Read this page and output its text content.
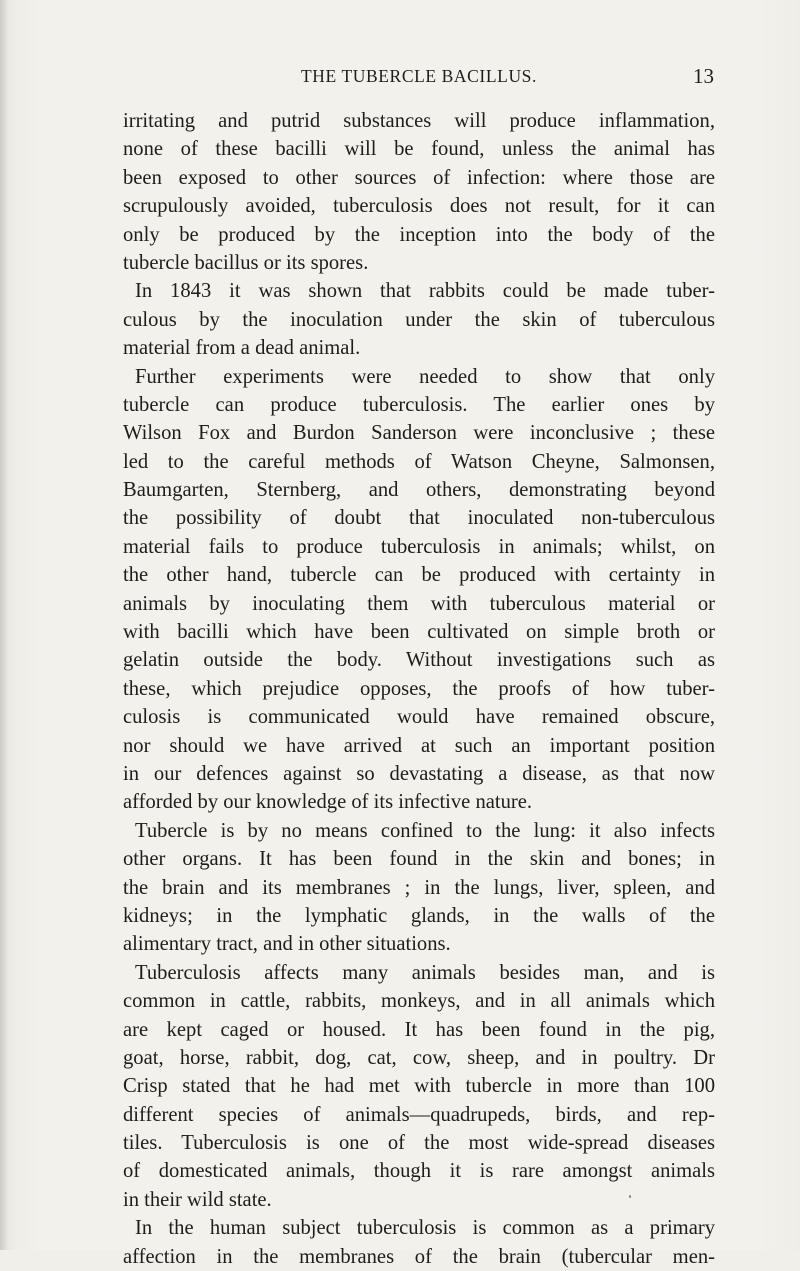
THE TUBERCLE BACILLUS.	13
irritating and putrid substances will produce inflammation,
none of these bacilli will be found, unless the animal has
been exposed to other sources of infection: where those are
scrupulously avoided, tuberculosis does not result, for it can
only be produced by the inception into the body of the
tubercle bacillus or its spores.
In 1843 it was shown that rabbits could be made tuber-
culous by the inoculation under the skin of tuberculous
material from a dead animal.
Further experiments were needed to show that only
tubercle can produce tuberculosis. The earlier ones by
Wilson Fox and Burdon Sanderson were inconclusive ; these
led to the careful methods of Watson Cheyne, Salmonsen,
Baumgarten, Sternberg, and others, demonstrating beyond
the possibility of doubt that inoculated non-tuberculous
material fails to produce tuberculosis in animals; whilst, on
the other hand, tubercle can be produced with certainty in
animals by inoculating them with tuberculous material or
with bacilli which have been cultivated on simple broth or
gelatin outside the body. Without investigations such as
these, which prejudice opposes, the proofs of how tuber-
culosis is communicated would have remained obscure,
nor should we have arrived at such an important position
in our defences against so devastating a disease, as that now
afforded by our knowledge of its infective nature.
Tubercle is by no means confined to the lung: it also infects
other organs. It has been found in the skin and bones; in
the brain and its membranes ; in the lungs, liver, spleen, and
kidneys; in the lymphatic glands, in the walls of the
alimentary tract, and in other situations.
Tuberculosis affects many animals besides man, and is
common in cattle, rabbits, monkeys, and in all animals which
are kept caged or housed. It has been found in the pig,
goat, horse, rabbit, dog, cat, cow, sheep, and in poultry. Dr
Crisp stated that he had met with tubercle in more than 100
different species of animals—quadrupeds, birds, and rep-
tiles. Tuberculosis is one of the most wide-spread diseases
of domesticated animals, though it is rare amongst animals
in their wild state.
In the human subject tuberculosis is common as a primary
affection in the membranes of the brain (tubercular men-
